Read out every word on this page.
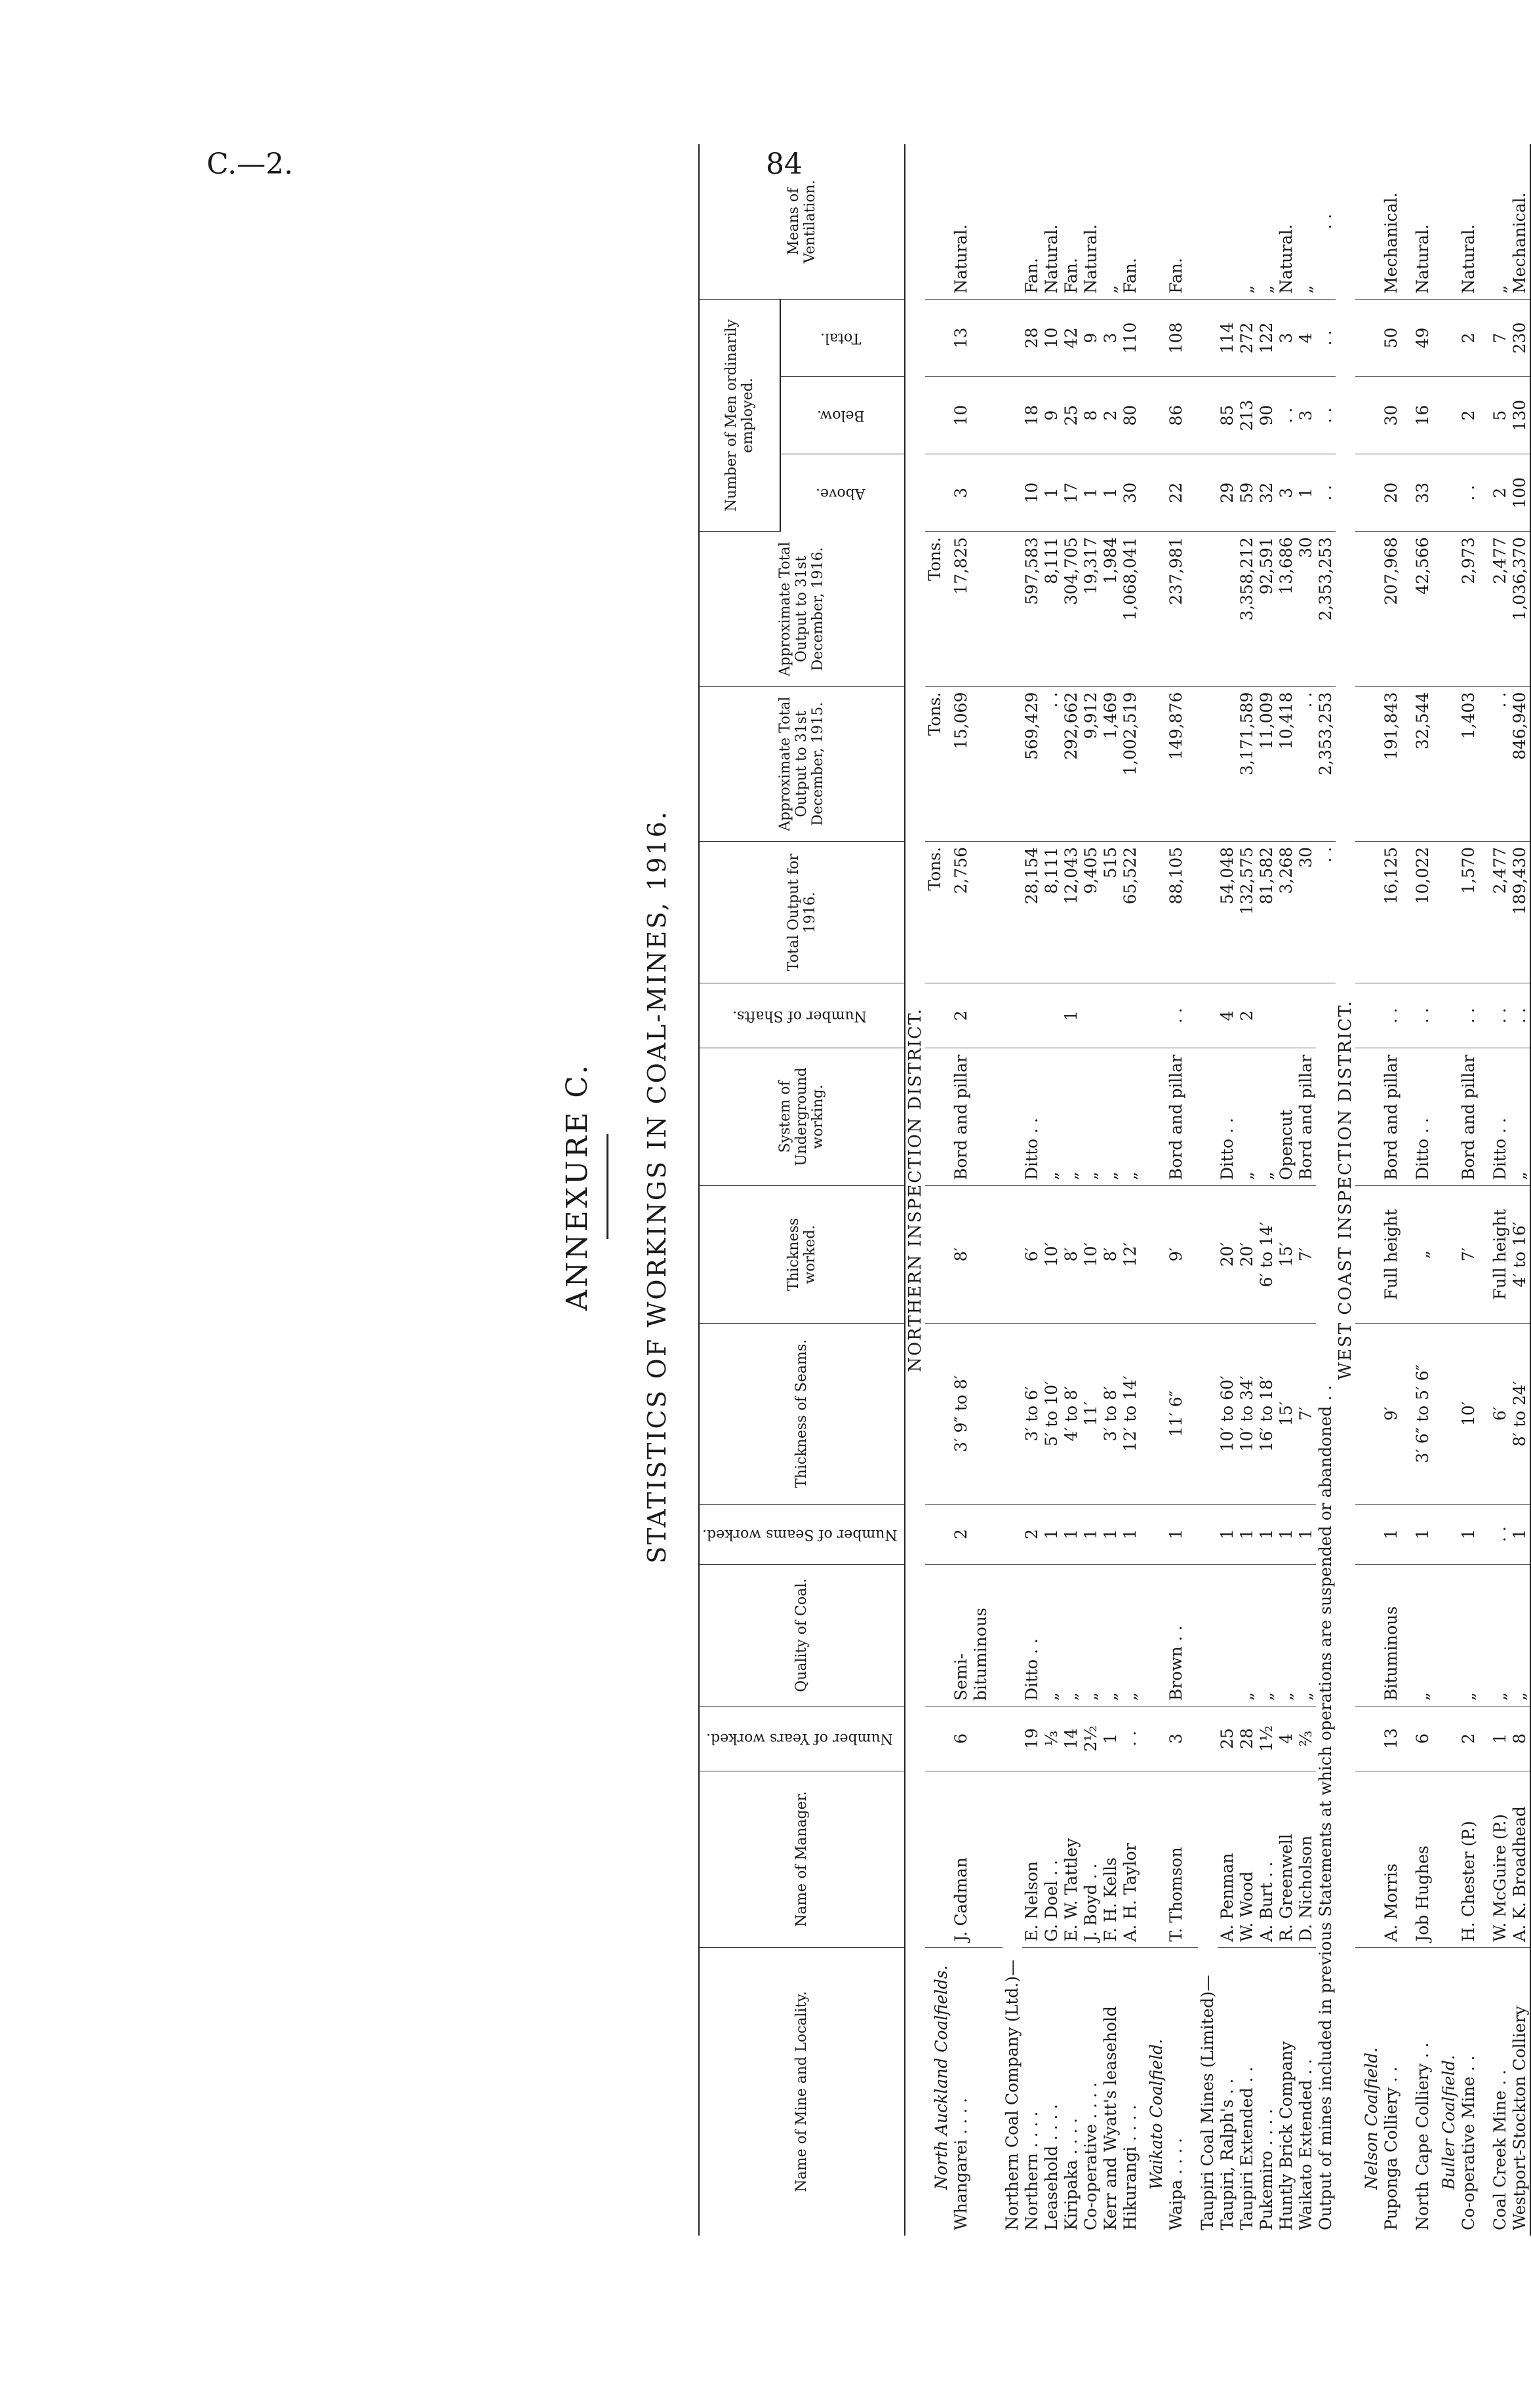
C.—2.	84
ANNEXURE C. STATISTICS OF WORKINGS IN COAL-MINES, 1916.
Name of Mine and Locality.	Name of Manager.	Number of Years worked.	Quality of Coal.	Number of Seams worked.	Thickness of Seams.	Thickness worked.	System of Underground working.	Number of Shafts.	Total Output for 1916.	Approximate Total Output to 31st December, 1915.	Approximate Total Output to 31st December, 1916.	Number of Men ordinarily employed.			Means of Ventilation.
												Above.	Below.	Total.	
NORTHERN INSPECTION DISTRICT.															
North Auckland Coalfields.									Tons.	Tons.	Tons.				
Whangarei . . . .	J. Cadman	6	Semi-bituminous	2	3′ 9″ to 8′	8′	Bord and pillar	2	2,756	15,069	17,825	3	10	13	Natural.

Northern Coal Company (Ltd.)—															
Northern . . . .	E. Nelson	19	Ditto . .	2	3′ to 6′	6′	Ditto . .		28,154	569,429	597,583	10	18	28	Fan.
Leasehold . . . .	G. Doel . .	⅓	„	1	5′ to 10′	10′	„		8,111	. .	8,111	1	9	10	Natural.
Kiripaka . . . .	E. W. Tattley	14	„	1	4′ to 8′	8′	„	1	12,043	292,662	304,705	17	25	42	Fan.
Co-operative . . . .	J. Boyd . .	2½	„	1	11′	10′	„		9,405	9,912	19,317	1	8	9	Natural.
Kerr and Wyatt's leasehold	F. H. Kells	1	„	1	3′ to 8′	8′	„		515	1,469	1,984	1	2	3	„
Hikurangi . . . .	A. H. Taylor	. .	„	1	12′ to 14′	12′	„		65,522	1,002,519	1,068,041	30	80	110	Fan.
Waikato Coalfield.															
Waipa . . . .	T. Thomson	3	Brown . .	1	11′ 6″	9′	Bord and pillar	. .	88,105	149,876	237,981	22	86	108	Fan.

Taupiri Coal Mines (Limited)—															
Taupiri, Ralph's . .	A. Penman	25		1	10′ to 60′	20′	Ditto . .	4	54,048			29	85	114	
Taupiri Extended . .	W. Wood	28	„	1	10′ to 34′	20′	„	2	132,575	3,171,589	3,358,212	59	213	272	„
Pukemiro . . . .	A. Burt . .	1½	„	1	16′ to 18′	6′ to 14′	„		81,582	11,009	92,591	32	90	122	„
Huntly Brick Company	R. Greenwell	4	„	1	15′	15′	Opencut		3,268	10,418	13,686	3	. .	3	Natural.
Waikato Extended . .	D. Nicholson	⅔	„	1	7′	7′	Bord and pillar		30	. .	30	1	3	4	„
Output of mines included in previous Statements at which operations are suspended or abandoned . .									. .	2,353,253	2,353,253	. .	. .	. .	. .
WEST COAST INSPECTION DISTRICT.															
Nelson Coalfield.															
Puponga Colliery . .	A. Morris	13	Bituminous	1	9′	Full height	Bord and pillar	. .	16,125	191,843	207,968	20	30	50	Mechanical.

North Cape Colliery . .	Job Hughes	6	„	1	3′ 6″ to 5′ 6″	„	Ditto . .	. .	10,022	32,544	42,566	33	16	49	Natural.
Buller Coalfield.															
Co-operative Mine . .	H. Chester (P.)	2	„	1	10′	7′	Bord and pillar	. .	1,570	1,403	2,973	. .	2	2	Natural.

Coal Creek Mine . .	W. McGuire (P.)	1	„	. .	6′	Full height	Ditto . .	. .	2,477	. .	2,477	2	5	7	„
Westport-Stockton Colliery	A. K. Broadhead	8	„	1	8′ to 24′	4′ to 16′	„	. .	189,430	846,940	1,036,370	100	130	230	Mechanical.
